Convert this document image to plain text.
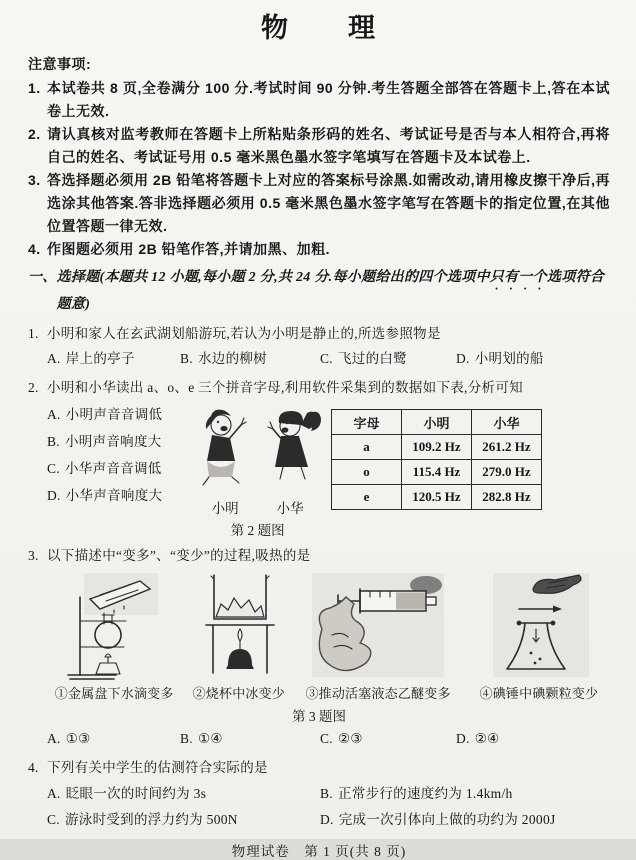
物　　理
注意事项:
1. 本试卷共 8 页,全卷满分 100 分.考试时间 90 分钟.考生答题全部答在答题卡上,答在本试卷上无效.
2. 请认真核对监考教师在答题卡上所粘贴条形码的姓名、考试证号是否与本人相符合,再将自己的姓名、考试证号用 0.5 毫米黑色墨水签字笔填写在答题卡及本试卷上.
3. 答选择题必须用 2B 铅笔将答题卡上对应的答案标号涂黑.如需改动,请用橡皮擦干净后,再选涂其他答案.答非选择题必须用 0.5 毫米黑色墨水签字笔写在答题卡的指定位置,在其他位置答题一律无效.
4. 作图题必须用 2B 铅笔作答,并请加黑、加粗.
一、 选择题(本题共 12 小题,每小题 2 分,共 24 分.每小题给出的四个选项中只有一个选项符合题意)
1. 小明和家人在玄武湖划船游玩,若认为小明是静止的,所选参照物是
A. 岸上的亭子	B. 水边的柳树	C. 飞过的白鹭	D. 小明划的船
2. 小明和小华读出 a、o、e 三个拼音字母,利用软件采集到的数据如下表,分析可知
A. 小明声音音调低
B. 小明声音响度大
C. 小华声音音调低
D. 小华声音响度大
小明	小华
第 2 题图
字母	小明	小华
a	109.2 Hz	261.2 Hz
o	115.4 Hz	279.0 Hz
e	120.5 Hz	282.8 Hz
3. 以下描述中“变多”、“变少”的过程,吸热的是
①金属盘下水滴变多	②烧杯中冰变少	③推动活塞液态乙醚变多	④碘锤中碘颗粒变少
第 3 题图
A. ①③	B. ①④	C. ②③	D. ②④
4. 下列有关中学生的估测符合实际的是
A. 眨眼一次的时间约为 3s	B. 正常步行的速度约为 1.4km/h
C. 游泳时受到的浮力约为 500N	D. 完成一次引体向上做的功约为 2000J
物理试卷　第 1 页(共 8 页)
